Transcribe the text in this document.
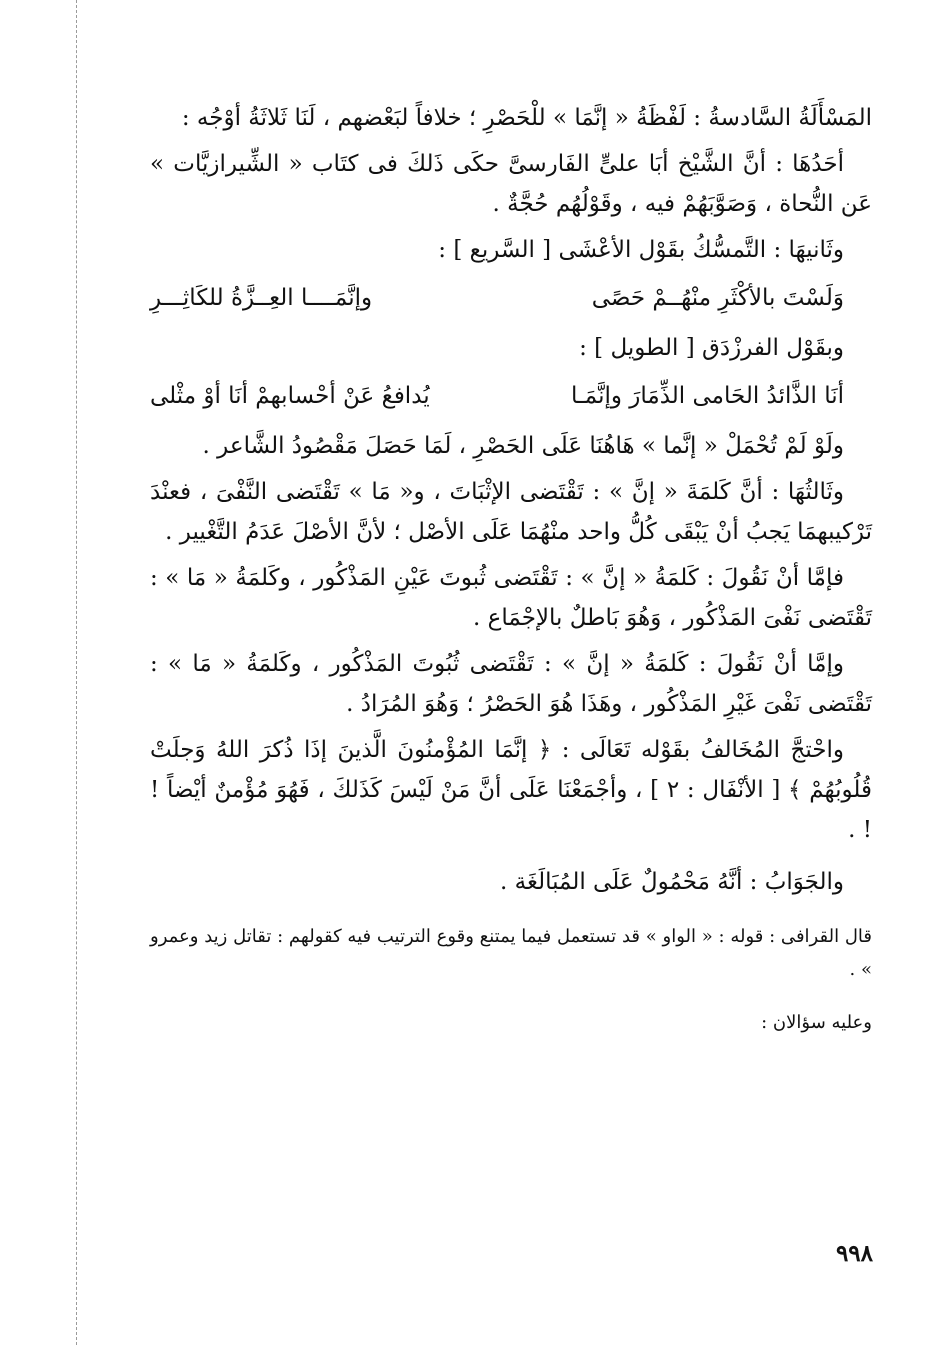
المَسْأَلَةُ السَّادسةُ : لَفْظَةُ « إنَّمَا » للْحَصْرِ ؛ خلافاً لبَعْضهم ، لَنَا ثَلاثَةُ أوْجُه :

أحَدُهَا : أنَّ الشَّيْخ أبَا علىٍّ الفَارسىَّ حكَى ذَلكَ فى كتَاب « الشِّيرازيَّات » عَن النُّحاة ، وَصَوَّبَهُمْ فيه ، وقَوْلُهُم حُجَّةٌ .

وثَانيهَا : التَّمسُّكُ بقَوْل الأعْشَى [ السَّريع ] :

وَلَسْتَ بالأكْثَرِ منْهُــمْ حَصًى
وإنَّمَــــا العِــزَّةُ للكَاثِـــرِ

وبقَوْل الفرزْدَق [ الطويل ] :

أنَا الذَّائدُ الحَامى الذِّمَارَ وإنَّمَـا
يُدافعُ عَنْ أحْسابهمْ أنَا أوْ مثْلى

ولَوْ لَمْ تُحْمَلْ « إنَّما » هَاهُنَا عَلَى الحَصْرِ ، لَمَا حَصَلَ مَقْصُودُ الشَّاعر .

وثَالثُهَا : أنَّ كَلمَةَ « إنَّ » : تَقْتَضى الإثْبَاتَ ، و« مَا » تَقْتَضى النَّفْىَ ، فعنْدَ تَرْكيبهمَا يَجبُ أنْ يَبْقَى كُلُّ واحد منْهُمَا عَلَى الأصْل ؛ لأنَّ الأصْلَ عَدَمُ التَّغْيير .

فإمَّا أنْ نَقُولَ : كَلمَةُ « إنَّ » : تَقْتَضى ثُبوتَ عَيْنِ المَذْكُور ، وكَلمَةُ « مَا » : تَقْتَضى نَفْىَ المَذْكُور ، وَهُوَ بَاطلٌ بالإجْمَاع .

وإمَّا أنْ نَقُولَ : كَلمَةُ « إنَّ » : تَقْتَضى ثُبُوتَ المَذْكُور ، وكَلمَةُ « مَا » : تَقْتَضى نَفْىَ غَيْرِ المَذْكُور ، وهَذَا هُوَ الحَصْرُ ؛ وَهُوَ المُرَادُ .

واحْتجَّ المُخَالفُ بقَوْله تَعَالَى : ﴿ إنَّمَا المُؤْمنُونَ الَّذينَ إذَا ذُكرَ اللهُ وَجلَتْ قُلُوبُهُمْ ﴾ [ الأنْفَال : ٢ ] ، وأجْمَعْنَا عَلَى أنَّ مَنْ لَيْسَ كَذَلكَ ، فَهُوَ مُؤْمنٌ أيْضاً ! ! .

والجَوَابُ : أنَّهُ مَحْمُولٌ عَلَى المُبَالَغَة .

قال القرافى : قوله : « الواو » قد تستعمل فيما يمتنع وقوع الترتيب فيه كقولهم : تقاتل زيد وعمرو » .

وعليه سؤالان :

٩٩٨
